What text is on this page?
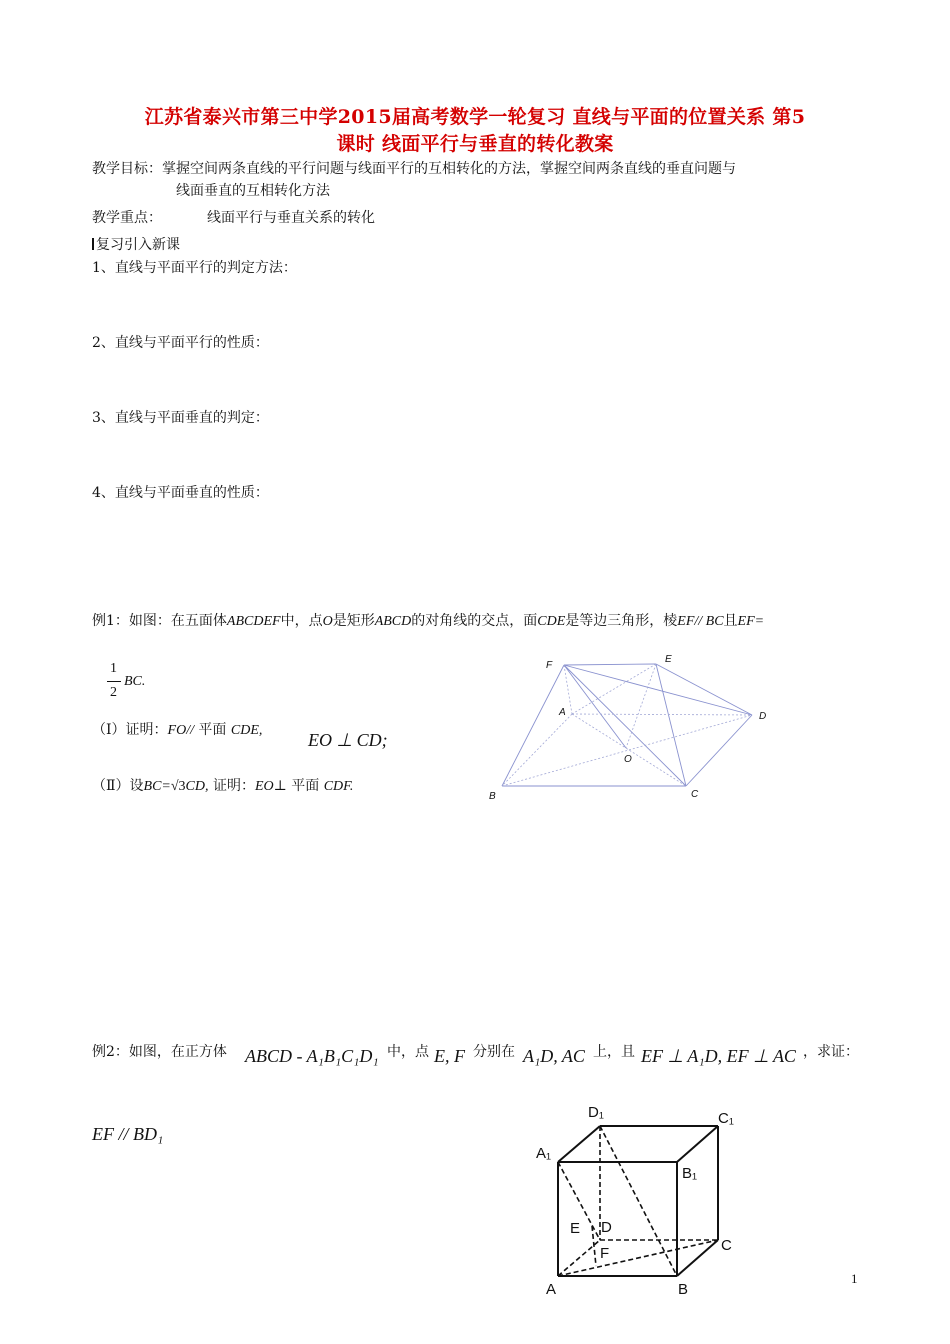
江苏省泰兴市第三中学2015届高考数学一轮复习 直线与平面的位置关系 第5
课时 线面平行与垂直的转化教案
教学目标： 掌握空间两条直线的平行问题与线面平行的互相转化的方法，掌握空间两条直线的垂直问题与
线面垂直的互相转化方法
教学重点：	线面平行与垂直关系的转化
复习引入新课
1、直线与平面平行的判定方法：
2、直线与平面平行的性质：
3、直线与平面垂直的判定：
4、直线与平面垂直的性质：
例1：如图：在五面体ABCDEF中，点O是矩形ABCD的对角线的交点，面CDE是等边三角形，棱EF// BC且EF=
1
2
BC.
（Ⅰ）证明：FO// 平面 CDE,	EO ⊥ CD;
（Ⅱ）设BC=√3CD, 证明：EO⊥ 平面 CDF.
F
E
A	D
O
B	C
例2：如图，在正方体 ABCD - A₁B₁C₁D₁ 中，点 E, F 分别在 A₁D, AC 上，且 EF ⊥ A₁D, EF ⊥ AC ，求证：
EF // BD₁
D₁	C₁
A₁
B₁
E D
F	C
A	B
1
